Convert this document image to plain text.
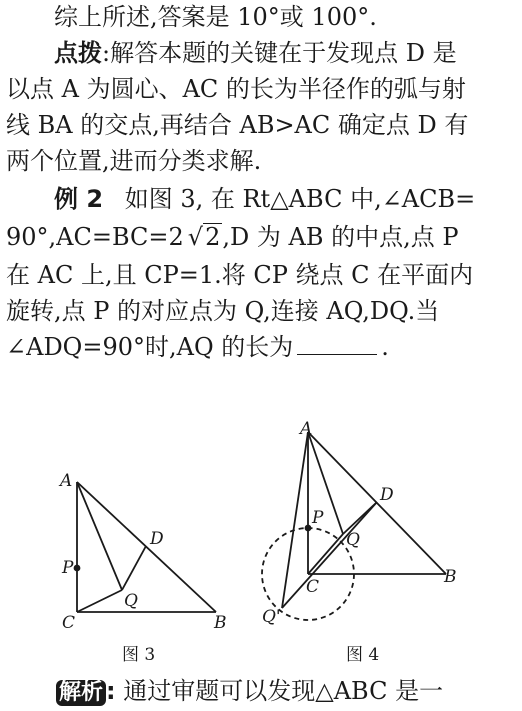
综上所述,答案是 10°或 100°.
点拨:解答本题的关键在于发现点 D 是
以点 A 为圆心、AC 的长为半径作的弧与射
线 BA 的交点,再结合 AB>AC 确定点 D 有
两个位置,进而分类求解.
例 2 如图 3, 在 Rt△ABC 中,∠ACB=
90°,AC=BC=2 √2,D 为 AB 的中点,点 P
在 AC 上,且 CP=1.将 CP 绕点 C 在平面内
旋转,点 P 的对应点为 Q,连接 AQ,DQ.当
∠ADQ=90°时,AQ 的长为	.
A
P
D
Q
C	B
A
P
D
Q
C	B
Q'
图 3	图 4
解析 : 通过审题可以发现△ABC 是一
